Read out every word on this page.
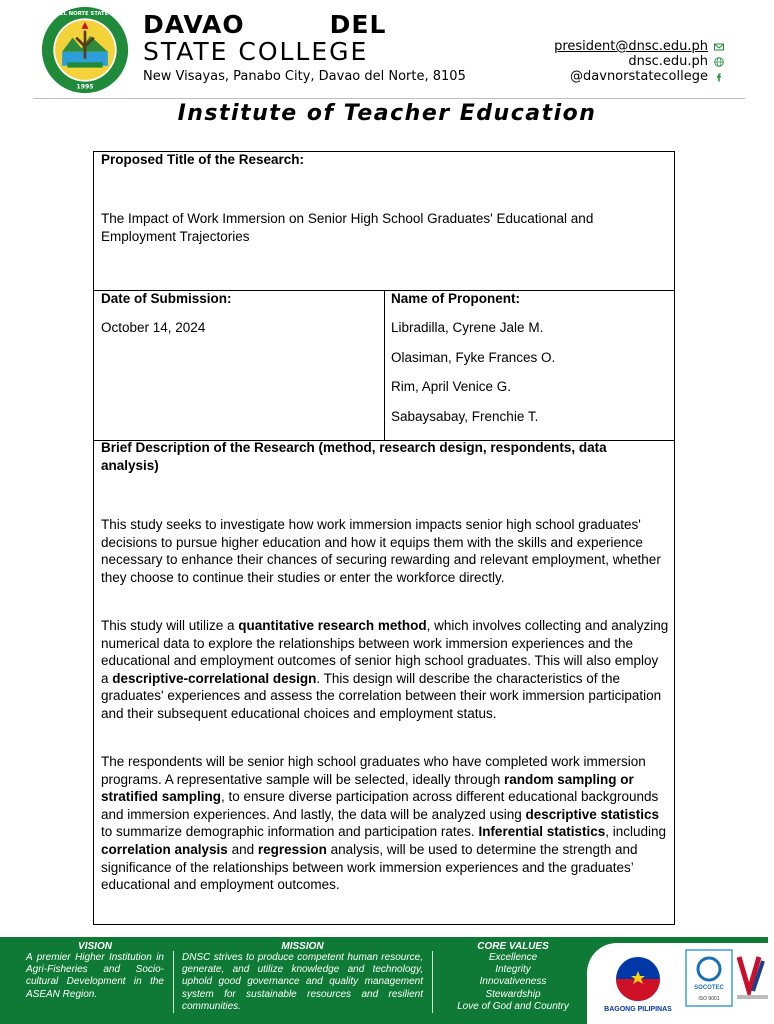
DAVAO DEL NORTE STATE COLLEGE
1995
DAVAO	DEL
STATE COLLEGE
New Visayas, Panabo City, Davao del Norte, 8105
president@dnsc.edu.ph
dnsc.edu.ph
@davnorstatecollege
Institute of Teacher Education
Proposed Title of the Research:
The Impact of Work Immersion on Senior High School Graduates' Educational and Employment Trajectories
Date of Submission:
October 14, 2024
Name of Proponent:
Libradilla, Cyrene Jale M.
Olasiman, Fyke Frances O.
Rim, April Venice G.
Sabaysabay, Frenchie T.
Brief Description of the Research (method, research design, respondents, data analysis)
This study seeks to investigate how work immersion impacts senior high school graduates' decisions to pursue higher education and how it equips them with the skills and experience necessary to enhance their chances of securing rewarding and relevant employment, whether they choose to continue their studies or enter the workforce directly.
This study will utilize a quantitative research method, which involves collecting and analyzing numerical data to explore the relationships between work immersion experiences and the educational and employment outcomes of senior high school graduates. This will also employ a descriptive-correlational design. This design will describe the characteristics of the graduates' experiences and assess the correlation between their work immersion participation and their subsequent educational choices and employment status.
The respondents will be senior high school graduates who have completed work immersion programs. A representative sample will be selected, ideally through random sampling or stratified sampling, to ensure diverse participation across different educational backgrounds and immersion experiences. And lastly, the data will be analyzed using descriptive statistics to summarize demographic information and participation rates. Inferential statistics, including correlation analysis and regression analysis, will be used to determine the strength and significance of the relationships between work immersion experiences and the graduates’ educational and employment outcomes.
VISION
A premier Higher Institution in Agri-Fisheries and Socio-cultural Development in the ASEAN Region.
MISSION
DNSC strives to produce competent human resource, generate, and utilize knowledge and technology, uphold good governance and quality management system for sustainable resources and resilient communities.
CORE VALUES
Excellence
Integrity
Innovativeness
Stewardship
Love of God and Country	BAGONG PILIPINAS
SOCOTEC
ISO 9001
